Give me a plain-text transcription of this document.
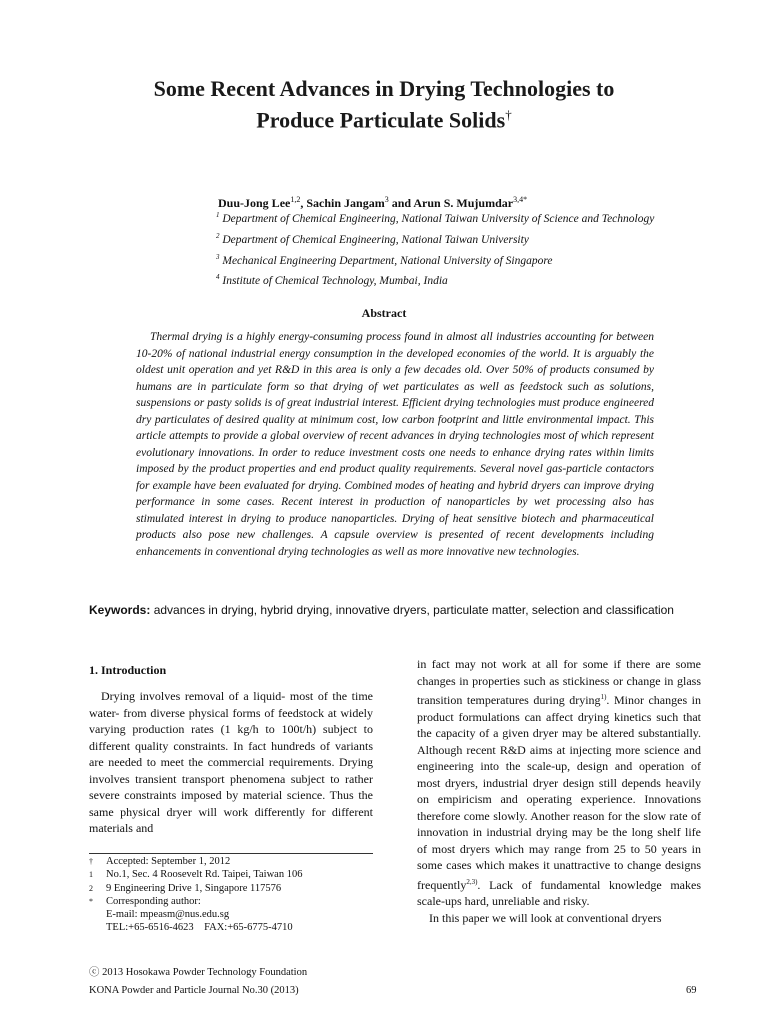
Some Recent Advances in Drying Technologies to
Produce Particulate Solids†
Duu-Jong Lee$^{1,2}$, Sachin Jangam$^3$ and Arun S. Mujumdar$^{3,4*}$
$^1$ Department of Chemical Engineering, National Taiwan University of Science and Technology
$^2$ Department of Chemical Engineering, National Taiwan University
$^3$ Mechanical Engineering Department, National University of Singapore
$^4$ Institute of Chemical Technology, Mumbai, India
Abstract
Thermal drying is a highly energy-consuming process found in almost all industries accounting for between 10-20% of national industrial energy consumption in the developed economies of the world. It is arguably the oldest unit operation and yet R&D in this area is only a few decades old. Over 50% of products consumed by humans are in particulate form so that drying of wet particulates as well as feedstock such as solutions, suspensions or pasty solids is of great industrial interest. Efficient drying technologies must produce engineered dry particulates of desired quality at minimum cost, low carbon footprint and little environmental impact. This article attempts to provide a global overview of recent advances in drying technologies most of which represent evolutionary innovations. In order to reduce investment costs one needs to enhance drying rates within limits imposed by the product properties and end product quality requirements. Several novel gas-particle contactors for example have been evaluated for drying. Combined modes of heating and hybrid dryers can improve drying performance in some cases. Recent interest in production of nanoparticles by wet processing also has stimulated interest in drying to produce nanoparticles. Drying of heat sensitive biotech and pharmaceutical products also pose new challenges. A capsule overview is presented of recent developments including enhancements in conventional drying technologies as well as more innovative new technologies.
Keywords: advances in drying, hybrid drying, innovative dryers, particulate matter, selection and classification
1. Introduction

Drying involves removal of a liquid- most of the time water- from diverse physical forms of feedstock at widely varying production rates (1 kg/h to 100t/h) subject to different quality constraints. In fact hundreds of variants are needed to meet the commercial requirements. Drying involves transient transport phenomena subject to rather severe constraints imposed by material science. Thus the same physical dryer will work differently for different materials and

†	Accepted: September 1, 2012
1	No.1, Sec. 4 Roosevelt Rd. Taipei, Taiwan 106
2	9 Engineering Drive 1, Singapore 117576
*	Corresponding author:
E-mail: mpeasm@nus.edu.sg
TEL:+65-6516-4623    FAX:+65-6775-4710

in fact may not work at all for some if there are some changes in properties such as stickiness or change in glass transition temperatures during drying$^{1)}$. Minor changes in product formulations can affect drying kinetics such that the capacity of a given dryer may be altered substantially. Although recent R&D aims at injecting more science and engineering into the scale-up, design and operation of most dryers, industrial dryer design still depends heavily on empiricism and operating experience. Innovations therefore come slowly. Another reason for the slow rate of innovation in industrial drying may be the long shelf life of most dryers which may range from 25 to 50 years in some cases which makes it unattractive to change designs frequently$^{2,3)}$. Lack of fundamental knowledge makes scale-ups hard, unreliable and risky.

In this paper we will look at conventional dryers

ⓒ 2013 Hosokawa Powder Technology Foundation
KONA Powder and Particle Journal No.30 (2013)	69
